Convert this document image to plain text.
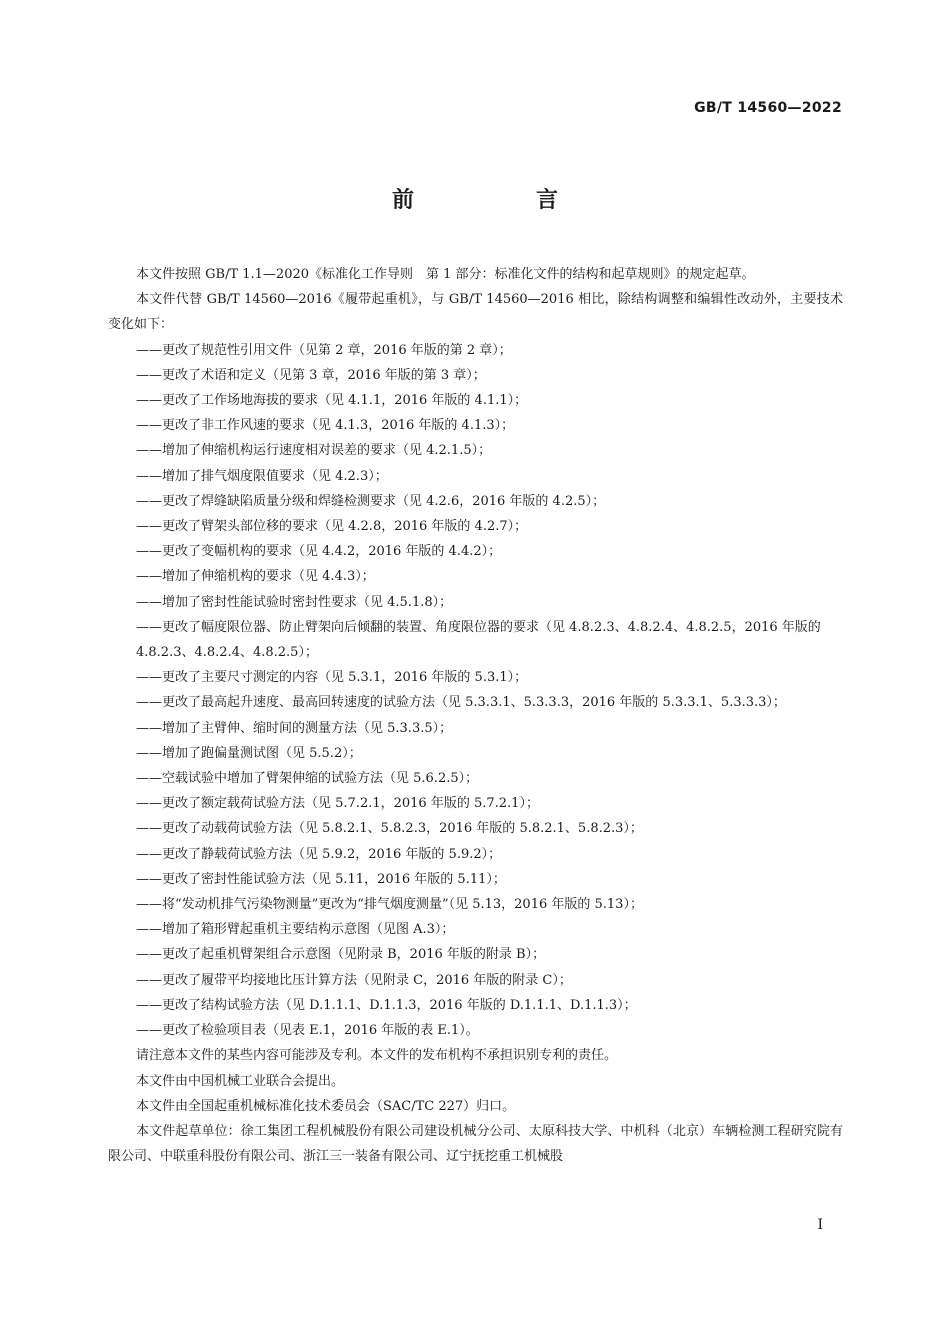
GB/T 14560—2022
前　言

本文件按照 GB/T 1.1—2020《标准化工作导则　第 1 部分：标准化文件的结构和起草规则》的规定起草。

本文件代替 GB/T 14560—2016《履带起重机》，与 GB/T 14560—2016 相比，除结构调整和编辑性改动外，主要技术变化如下：

——更改了规范性引用文件（见第 2 章，2016 年版的第 2 章）；

——更改了术语和定义（见第 3 章，2016 年版的第 3 章）；

——更改了工作场地海拔的要求（见 4.1.1，2016 年版的 4.1.1）；

——更改了非工作风速的要求（见 4.1.3，2016 年版的 4.1.3）；

——增加了伸缩机构运行速度相对误差的要求（见 4.2.1.5）；

——增加了排气烟度限值要求（见 4.2.3）；

——更改了焊缝缺陷质量分级和焊缝检测要求（见 4.2.6，2016 年版的 4.2.5）；

——更改了臂架头部位移的要求（见 4.2.8，2016 年版的 4.2.7）；

——更改了变幅机构的要求（见 4.4.2，2016 年版的 4.4.2）；

——增加了伸缩机构的要求（见 4.4.3）；

——增加了密封性能试验时密封性要求（见 4.5.1.8）；

——更改了幅度限位器、防止臂架向后倾翻的装置、角度限位器的要求（见 4.8.2.3、4.8.2.4、4.8.2.5，2016 年版的 4.8.2.3、4.8.2.4、4.8.2.5）；

——更改了主要尺寸测定的内容（见 5.3.1，2016 年版的 5.3.1）；

——更改了最高起升速度、最高回转速度的试验方法（见 5.3.3.1、5.3.3.3，2016 年版的 5.3.3.1、5.3.3.3）；

——增加了主臂伸、缩时间的测量方法（见 5.3.3.5）；

——增加了跑偏量测试图（见 5.5.2）；

——空载试验中增加了臂架伸缩的试验方法（见 5.6.2.5）；

——更改了额定载荷试验方法（见 5.7.2.1，2016 年版的 5.7.2.1）；

——更改了动载荷试验方法（见 5.8.2.1、5.8.2.3，2016 年版的 5.8.2.1、5.8.2.3）；

——更改了静载荷试验方法（见 5.9.2，2016 年版的 5.9.2）；

——更改了密封性能试验方法（见 5.11，2016 年版的 5.11）；

——将“发动机排气污染物测量”更改为“排气烟度测量”（见 5.13，2016 年版的 5.13）；

——增加了箱形臂起重机主要结构示意图（见图 A.3）；

——更改了起重机臂架组合示意图（见附录 B，2016 年版的附录 B）；

——更改了履带平均接地比压计算方法（见附录 C，2016 年版的附录 C）；

——更改了结构试验方法（见 D.1.1.1、D.1.1.3，2016 年版的 D.1.1.1、D.1.1.3）；

——更改了检验项目表（见表 E.1，2016 年版的表 E.1）。

请注意本文件的某些内容可能涉及专利。本文件的发布机构不承担识别专利的责任。

本文件由中国机械工业联合会提出。

本文件由全国起重机械标准化技术委员会（SAC/TC 227）归口。

本文件起草单位：徐工集团工程机械股份有限公司建设机械分公司、太原科技大学、中机科（北京）车辆检测工程研究院有限公司、中联重科股份有限公司、浙江三一装备有限公司、辽宁抚挖重工机械股

I
